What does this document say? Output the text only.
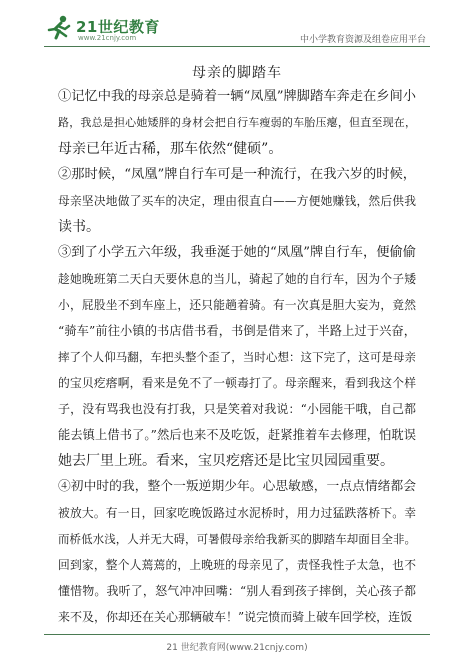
21世纪教育
www.21cnjy.com	中小学教育资源及组卷应用平台
母亲的脚踏车
①记忆中我的母亲总是骑着一辆“凤凰”牌脚踏车奔走在乡间小
路，我总是担心她矮胖的身材会把自行车瘦弱的车胎压瘪，但直至现在，
母亲已年近古稀，那车依然“健硕”。
②那时候，“凤凰”牌自行车可是一种流行，在我六岁的时候，
母亲坚决地做了买车的决定，理由很直白——方便她赚钱，然后供我
读书。
③到了小学五六年级，我垂涎于她的“凤凰”牌自行车，便偷偷
趁她晚班第二天白天要休息的当儿，骑起了她的自行车，因为个子矮
小，屁股坐不到车座上，还只能趟着骑。有一次真是胆大妄为，竟然
“骑车”前往小镇的书店借书看，书倒是借来了，半路上过于兴奋，
摔了个人仰马翻，车把头整个歪了，当时心想：这下完了，这可是母亲
的宝贝疙瘩啊，看来是免不了一顿毒打了。母亲醒来，看到我这个样
子，没有骂我也没有打我，只是笑着对我说：“小园能干哦，自己都
能去镇上借书了。”然后也来不及吃饭，赶紧推着车去修理，怕耽误
她去厂里上班。看来，宝贝疙瘩还是比宝贝园园重要。
④初中时的我，整个一叛逆期少年。心思敏感，一点点情绪都会
被放大。有一日，回家吃晚饭路过水泥桥时，用力过猛跌落桥下。幸
而桥低水浅，人并无大碍，可暑假母亲给我新买的脚踏车却面目全非。
回到家，整个人蔫蔫的，上晚班的母亲见了，责怪我性子太急，也不
懂惜物。我听了，怒气冲冲回嘴：“别人看到孩子摔倒，关心孩子都
来不及，你却还在关心那辆破车！”说完愤而骑上破车回学校，连饭
21 世纪教育网(www.21cnjy.com)
